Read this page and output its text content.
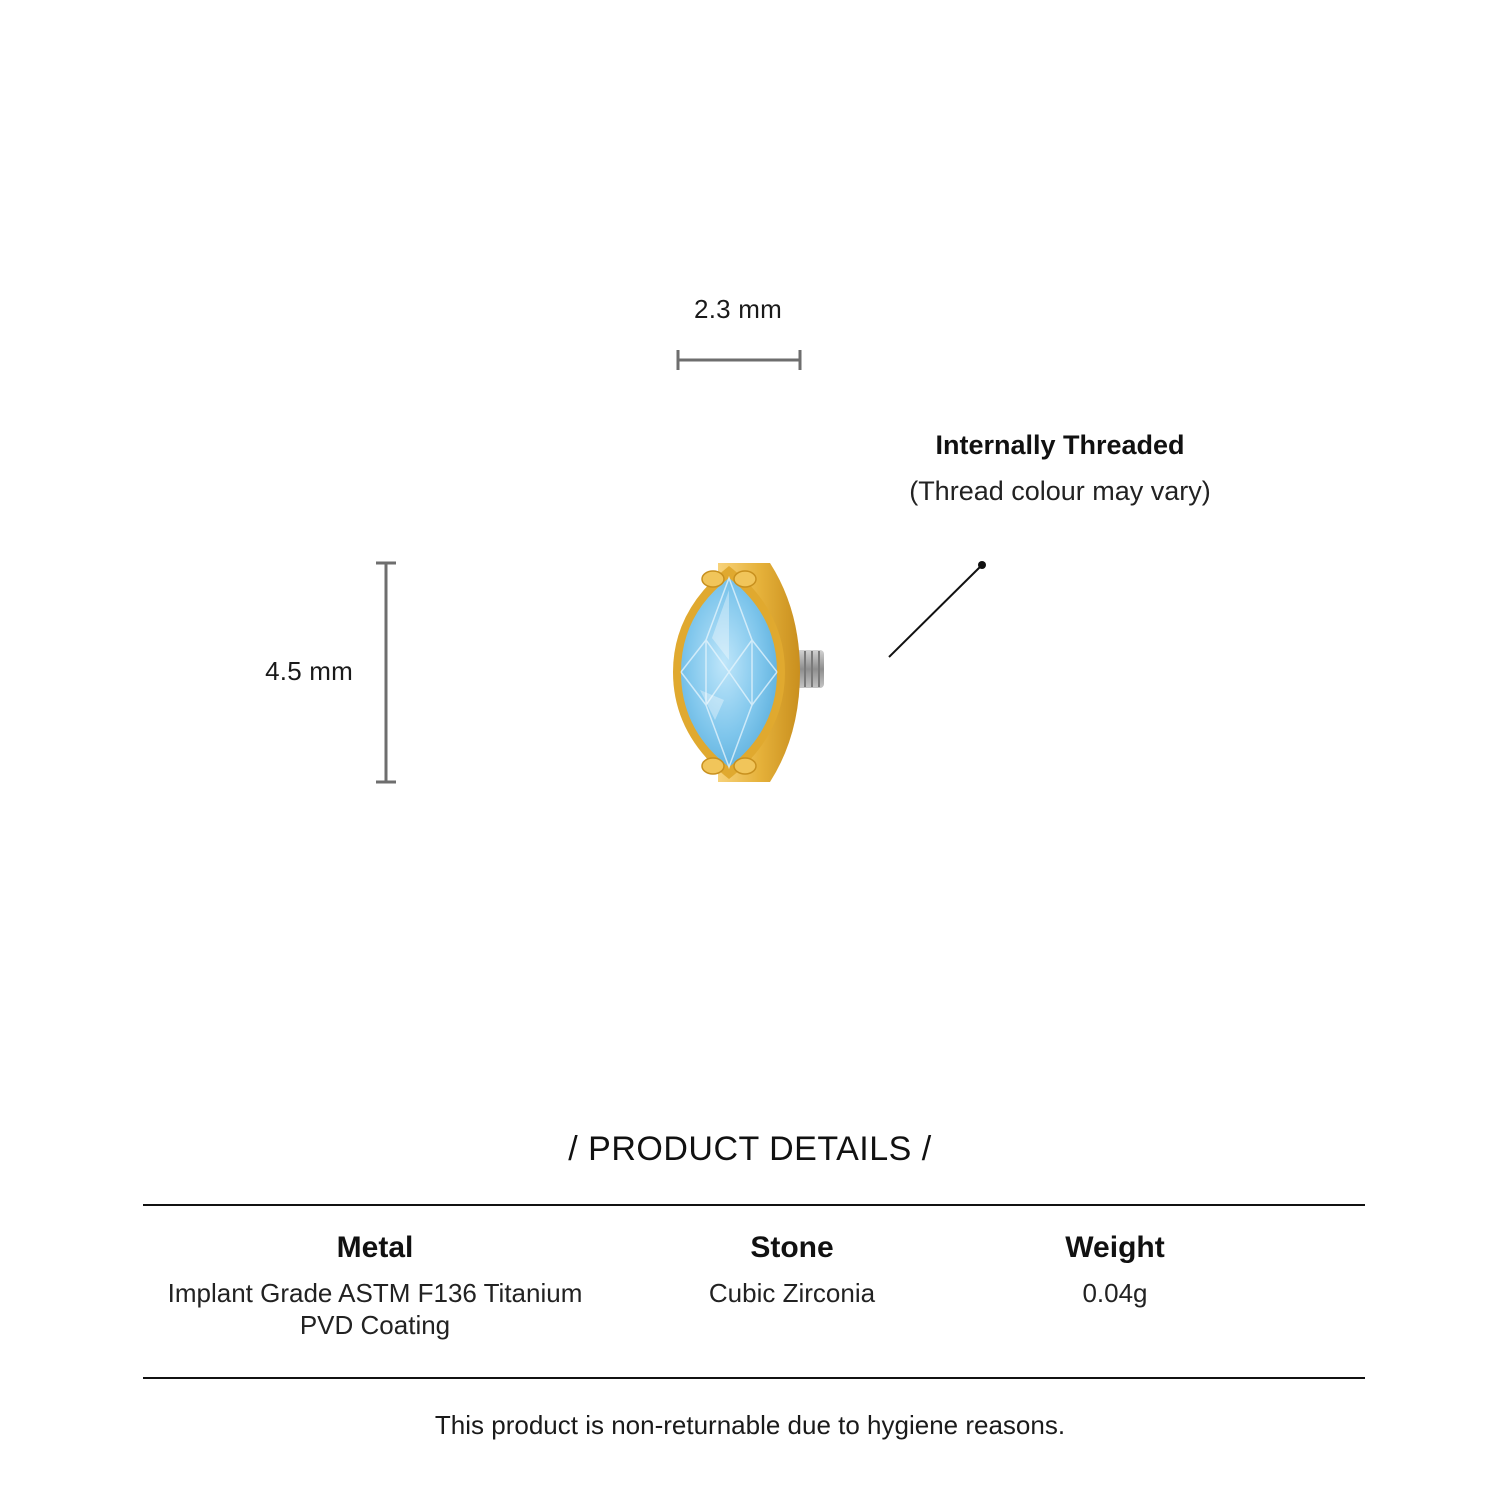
2.3 mm
4.5 mm
Internally Threaded
(Thread colour may vary)
/ PRODUCT DETAILS /
Metal
Implant Grade ASTM F136 Titanium
PVD Coating
Stone
Cubic Zirconia
Weight
0.04g
This product is non-returnable due to hygiene reasons.
